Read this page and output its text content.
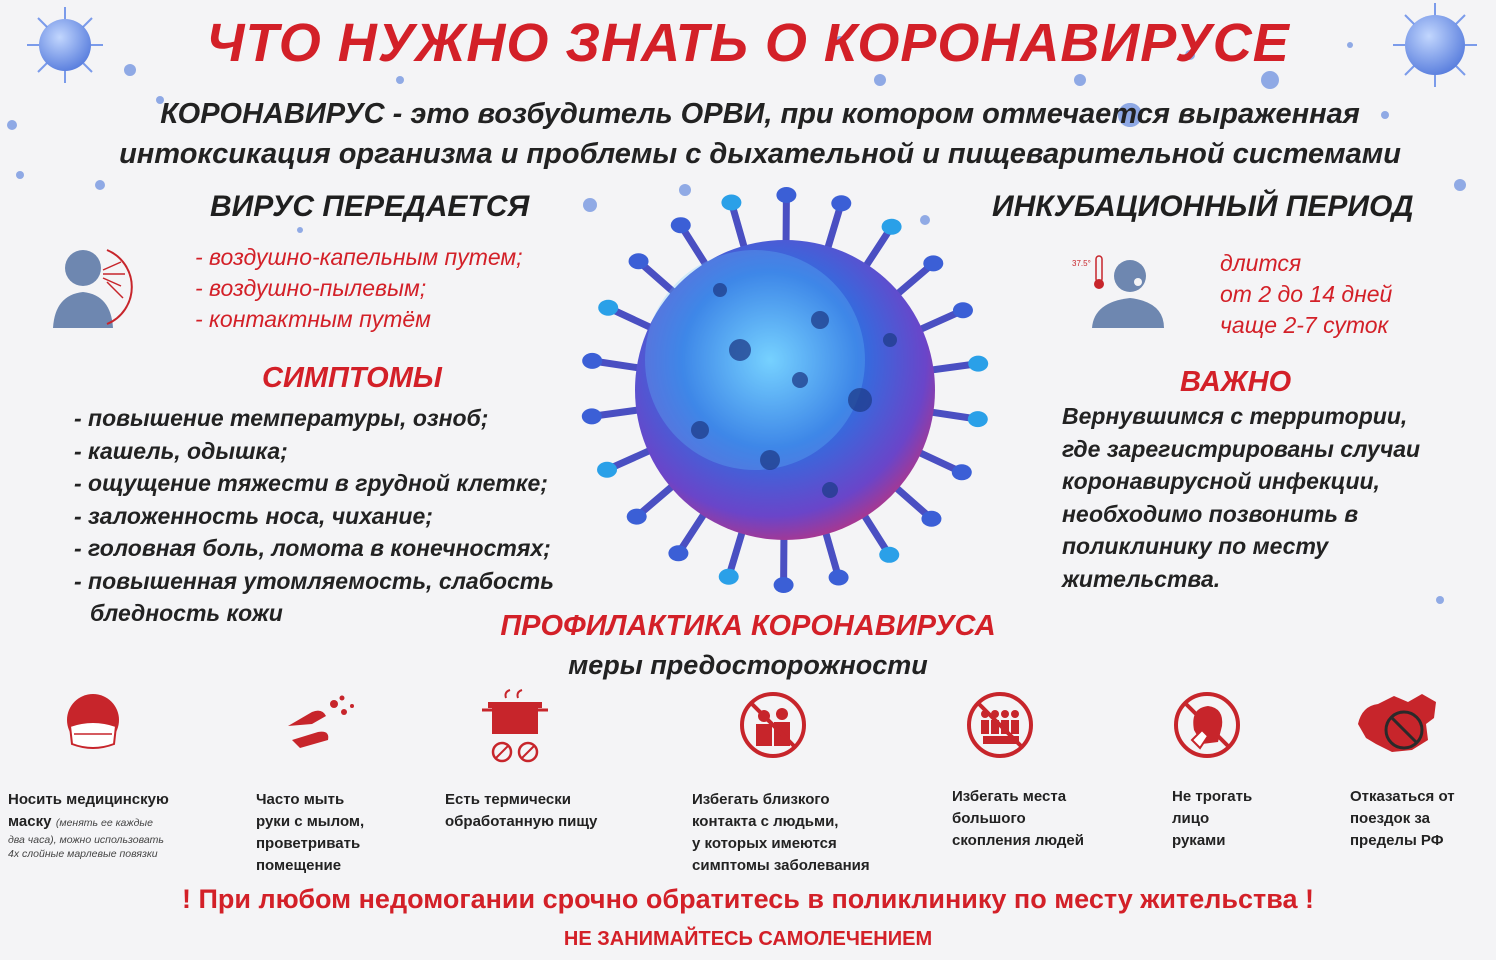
ЧТО НУЖНО ЗНАТЬ О КОРОНАВИРУСЕ
КОРОНАВИРУС - это возбудитель ОРВИ, при котором отмечается выраженная
интоксикация организма и проблемы с дыхательной и пищеварительной системами
ВИРУС ПЕРЕДАЕТСЯ
- воздушно-капельным путем;
- воздушно-пылевым;
- контактным путём
ИНКУБАЦИОННЫЙ ПЕРИОД
37.5°	длится
от 2 до 14 дней
чаще 2-7 суток
СИМПТОМЫ
- повышение температуры, озноб;
- кашель, одышка;
- ощущение тяжести в грудной клетке;
- заложенность носа, чихание;
- головная боль, ломота в конечностях;
- повышенная утомляемость, слабость
бледность кожи
ВАЖНО
Вернувшимся с территории,
где зарегистрированы случаи
коронавирусной инфекции,
необходимо позвонить в
поликлинику по месту
жительства.
ПРОФИЛАКТИКА КОРОНАВИРУСА
меры предосторожности
Носить медицинскую
маску (менять ее каждые
два часа), можно использовать
4х слойные марлевые повязки
Часто мыть
руки с мылом,
проветривать
помещение
Есть термически
обработанную пищу
Избегать близкого
контакта с людьми,
у которых имеются
симптомы заболевания
Избегать места
большого
скопления людей
Не трогать
лицо
руками
Отказаться от
поездок за
пределы РФ
! При любом недомогании срочно обратитесь в поликлинику по месту жительства !
НЕ ЗАНИМАЙТЕСЬ САМОЛЕЧЕНИЕМ
